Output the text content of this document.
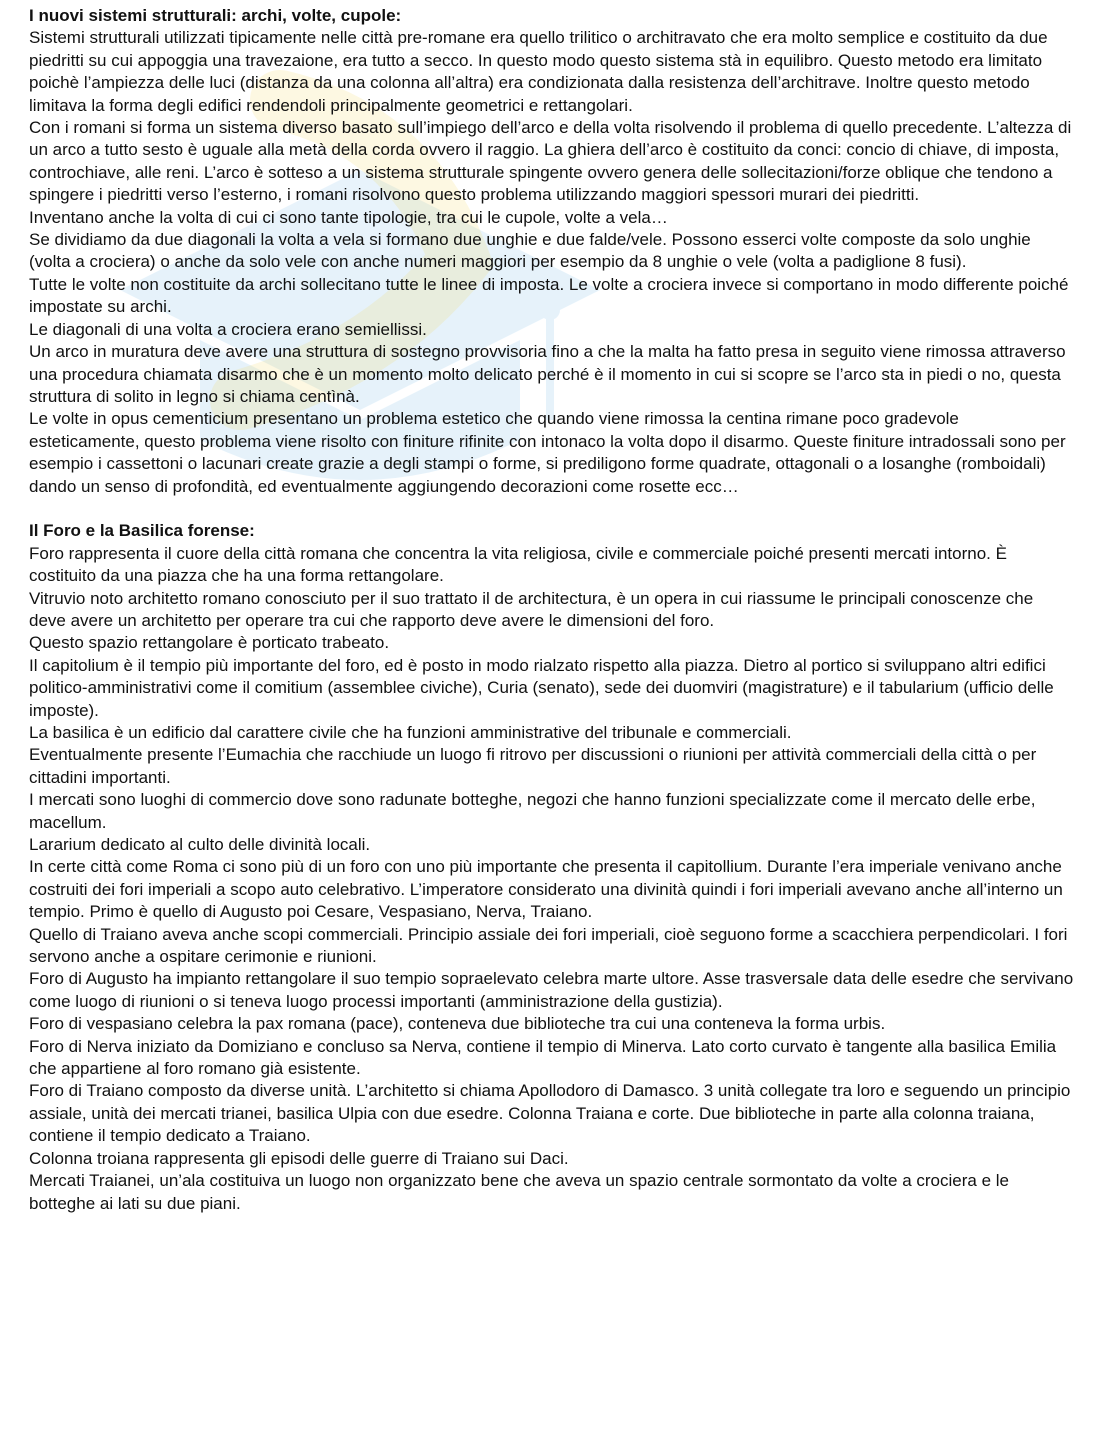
I nuovi sistemi strutturali: archi, volte, cupole:

Sistemi strutturali utilizzati tipicamente nelle città pre-romane era quello trilitico o architravato che era molto semplice e costituito da due piedritti su cui appoggia una travezaione, era tutto a secco. In questo modo questo sistema stà in equilibro. Questo metodo era limitato poichè l’ampiezza delle luci (distanza da una colonna all’altra) era condizionata dalla resistenza dell’architrave. Inoltre questo metodo limitava la forma degli edifici rendendoli principalmente geometrici e rettangolari.

Con i romani si forma un sistema diverso basato sull’impiego dell’arco e della volta risolvendo il problema di quello precedente. L’altezza di un arco a tutto sesto è uguale alla metà della corda ovvero il raggio. La ghiera dell’arco è costituito da conci: concio di chiave, di imposta, controchiave, alle reni. L’arco è sotteso a un sistema strutturale spingente ovvero genera delle sollecitazioni/forze oblique che tendono a spingere i piedritti verso l’esterno, i romani risolvono questo problema utilizzando maggiori spessori murari dei piedritti.

Inventano anche la volta di cui ci sono tante tipologie, tra cui le cupole, volte a vela…

Se dividiamo da due diagonali la volta a vela si formano due unghie e due falde/vele. Possono esserci volte composte da solo unghie (volta a crociera) o anche da solo vele con anche numeri maggiori per esempio da 8 unghie o vele (volta a padiglione 8 fusi).

Tutte le volte non costituite da archi sollecitano tutte le linee di imposta. Le volte a crociera invece si comportano in modo differente poiché impostate su archi.

Le diagonali di una volta a crociera erano semiellissi.

Un arco in muratura deve avere una struttura di sostegno provvisoria fino a che la malta ha fatto presa in seguito viene rimossa attraverso una procedura chiamata disarmo che è un momento molto delicato perché è il momento in cui si scopre se l’arco sta in piedi o no, questa struttura di solito in legno si chiama centìnà.

Le volte in opus cementicium presentano un problema estetico che quando viene rimossa la centina rimane poco gradevole esteticamente, questo problema viene risolto con finiture rifinite con intonaco la volta dopo il disarmo. Queste finiture intradossali sono per esempio i cassettoni o lacunari create grazie a degli stampi o forme, si prediligono forme quadrate, ottagonali o a losanghe (romboidali) dando un senso di profondità, ed eventualmente aggiungendo decorazioni come rosette ecc…

Il Foro e la Basilica forense:

Foro rappresenta il cuore della città romana che concentra la vita religiosa, civile e commerciale poiché presenti mercati intorno. È costituito da una piazza che ha una forma rettangolare.

Vitruvio noto architetto romano conosciuto per il suo trattato il de architectura, è un opera in cui riassume le principali conoscenze che deve avere un architetto per operare tra cui che rapporto deve avere le dimensioni del foro.

Questo spazio rettangolare è porticato trabeato.

Il capitolium è il tempio più importante del foro, ed è posto in modo rialzato rispetto alla piazza. Dietro al portico si sviluppano altri edifici politico-amministrativi come il comitium (assemblee civiche), Curia (senato), sede dei duomviri (magistrature) e il tabularium (ufficio delle imposte).

La basilica è un edificio dal carattere civile che ha funzioni amministrative del tribunale e commerciali.

Eventualmente presente l’Eumachia che racchiude un luogo fi ritrovo per discussioni o riunioni per attività commerciali della città o per cittadini importanti.

I mercati sono luoghi di commercio dove sono radunate botteghe, negozi che hanno funzioni specializzate come il mercato delle erbe, macellum.

Lararium dedicato al culto delle divinità locali.

In certe città come Roma ci sono più di un foro con uno più importante che presenta il capitollium. Durante l’era imperiale venivano anche costruiti dei fori imperiali a scopo auto celebrativo. L’imperatore considerato una divinità quindi i fori imperiali avevano anche all’interno un tempio. Primo è quello di Augusto poi Cesare, Vespasiano, Nerva, Traiano.

Quello di Traiano aveva anche scopi commerciali. Principio assiale dei fori imperiali, cioè seguono forme a scacchiera perpendicolari. I fori servono anche a ospitare cerimonie e riunioni.

Foro di Augusto ha impianto rettangolare il suo tempio sopraelevato celebra marte ultore. Asse trasversale data delle esedre che servivano come luogo di riunioni o si teneva luogo processi importanti (amministrazione della gustizia).

Foro di vespasiano celebra la pax romana (pace), conteneva due biblioteche tra cui una conteneva la forma urbis.

Foro di Nerva iniziato da Domiziano e concluso sa Nerva, contiene il tempio di Minerva. Lato corto curvato è tangente alla basilica Emilia che appartiene al foro romano già esistente.

Foro di Traiano composto da diverse unità. L’architetto si chiama Apollodoro di Damasco. 3 unità collegate tra loro e seguendo un principio assiale, unità dei mercati trianei, basilica Ulpia con due esedre. Colonna Traiana e corte. Due biblioteche in parte alla colonna traiana, contiene il tempio dedicato a Traiano.

Colonna troiana rappresenta gli episodi delle guerre di Traiano sui Daci.

Mercati Traianei, un’ala costituiva un luogo non organizzato bene che aveva un spazio centrale sormontato da volte a crociera e le botteghe ai lati su due piani.
